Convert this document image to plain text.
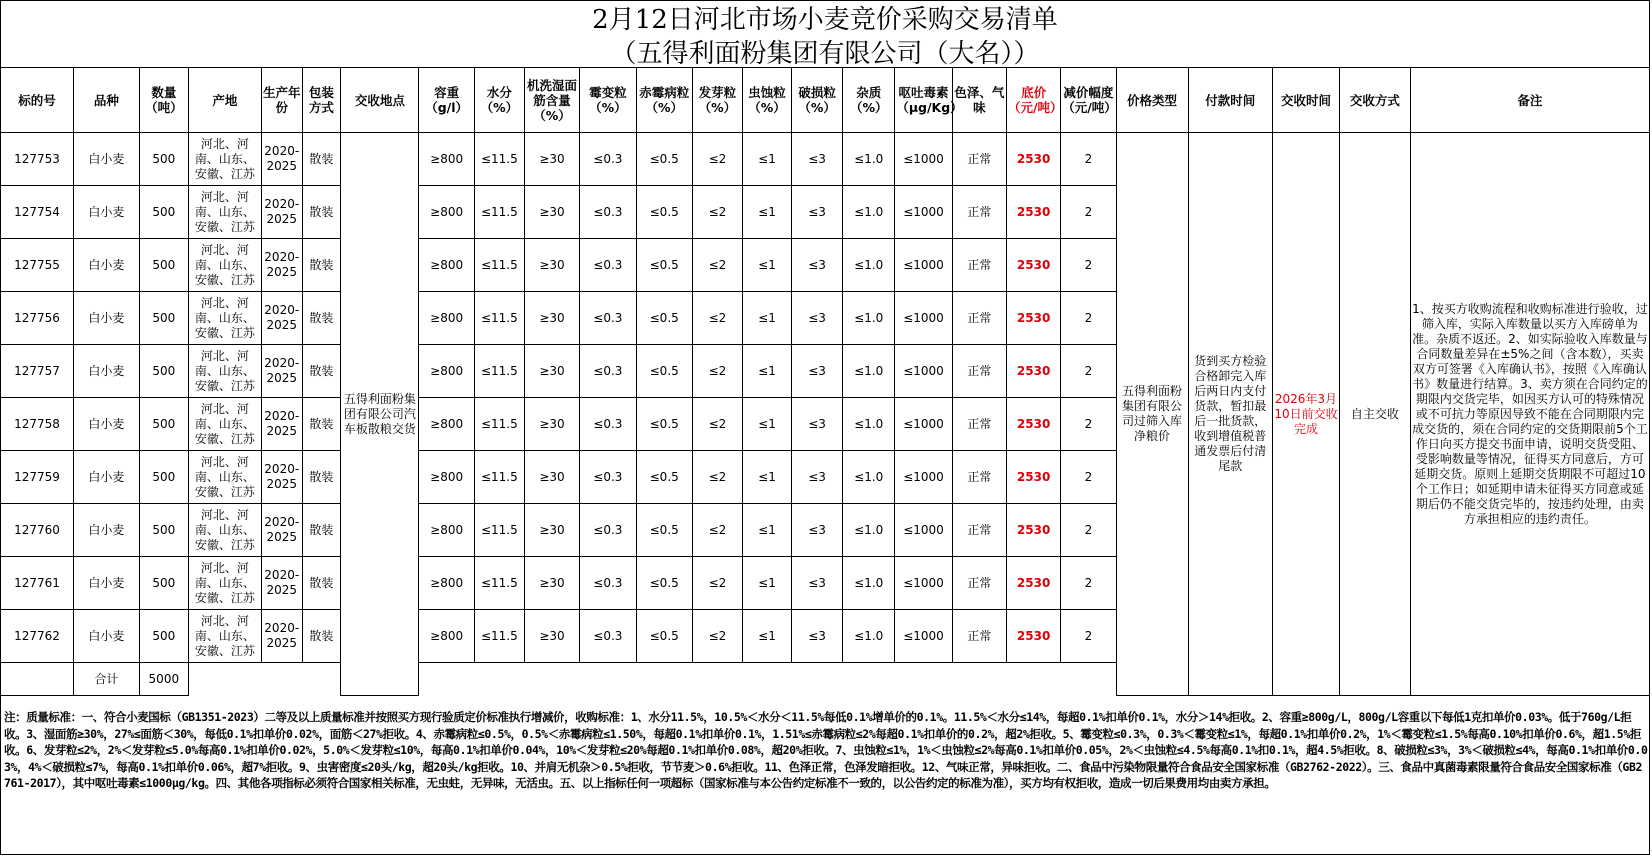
2月12日河北市场小麦竞价采购交易清单
（五得利面粉集团有限公司（大名））
标的号	品种	数量（吨）	产地	生产年份	包装方式	交收地点	容重（g/l）	水分（%）	机洗湿面筋含量（%）	霉变粒（%）	赤霉病粒（%）	发芽粒（%）	虫蚀粒（%）	破损粒（%）	杂质（%）	呕吐毒素（μg/Kg）	色泽、气味	底价（元/吨）	减价幅度（元/吨）	价格类型	付款时间	交收时间	交收方式	备注
127753	白小麦	500	河北、河南、山东、安徽、江苏	2020-2025	散装	五得利面粉集团有限公司汽车板散粮交货	≥800	≤11.5	≥30	≤0.3	≤0.5	≤2	≤1	≤3	≤1.0	≤1000	正常	2530	2	五得利面粉集团有限公司过筛入库净粮价	货到买方检验合格卸完入库后两日内支付货款，暂扣最后一批货款，收到增值税普通发票后付清尾款	2026年3月10日前交收完成	自主交收	1、按买方收购流程和收购标准进行验收，过筛入库，实际入库数量以买方入库磅单为准。杂质不返还。2、如实际验收入库数量与合同数量差异在±5%之间（含本数），买卖双方可签署《入库确认书》，按照《入库确认书》数量进行结算。3、卖方须在合同约定的期限内交货完毕，如因买方认可的特殊情况或不可抗力等原因导致不能在合同期限内完成交货的，须在合同约定的交货期限前5个工作日向买方提交书面申请，说明交货受阻、受影响数量等情况，征得买方同意后，方可延期交货。原则上延期交货期限不可超过10个工作日；如延期申请未征得买方同意或延期后仍不能交货完毕的，按违约处理，由卖方承担相应的违约责任。
127754	白小麦	500	河北、河南、山东、安徽、江苏	2020-2025	散装		≥800	≤11.5	≥30	≤0.3	≤0.5	≤2	≤1	≤3	≤1.0	≤1000	正常	2530	2					
127755	白小麦	500	河北、河南、山东、安徽、江苏	2020-2025	散装		≥800	≤11.5	≥30	≤0.3	≤0.5	≤2	≤1	≤3	≤1.0	≤1000	正常	2530	2					
127756	白小麦	500	河北、河南、山东、安徽、江苏	2020-2025	散装		≥800	≤11.5	≥30	≤0.3	≤0.5	≤2	≤1	≤3	≤1.0	≤1000	正常	2530	2					
127757	白小麦	500	河北、河南、山东、安徽、江苏	2020-2025	散装		≥800	≤11.5	≥30	≤0.3	≤0.5	≤2	≤1	≤3	≤1.0	≤1000	正常	2530	2					
127758	白小麦	500	河北、河南、山东、安徽、江苏	2020-2025	散装		≥800	≤11.5	≥30	≤0.3	≤0.5	≤2	≤1	≤3	≤1.0	≤1000	正常	2530	2					
127759	白小麦	500	河北、河南、山东、安徽、江苏	2020-2025	散装		≥800	≤11.5	≥30	≤0.3	≤0.5	≤2	≤1	≤3	≤1.0	≤1000	正常	2530	2					
127760	白小麦	500	河北、河南、山东、安徽、江苏	2020-2025	散装		≥800	≤11.5	≥30	≤0.3	≤0.5	≤2	≤1	≤3	≤1.0	≤1000	正常	2530	2					
127761	白小麦	500	河北、河南、山东、安徽、江苏	2020-2025	散装		≥800	≤11.5	≥30	≤0.3	≤0.5	≤2	≤1	≤3	≤1.0	≤1000	正常	2530	2					
127762	白小麦	500	河北、河南、山东、安徽、江苏	2020-2025	散装		≥800	≤11.5	≥30	≤0.3	≤0.5	≤2	≤1	≤3	≤1.0	≤1000	正常	2530	2					
	合计	5000																						
注：质量标准：一、符合小麦国标（GB1351-2023）二等及以上质量标准并按照买方现行验质定价标准执行增减价，收购标准：1、水分11.5%，10.5%＜水分＜11.5%每低0.1%增单价的0.1%。11.5%＜水分≤14%，每超0.1%扣单价0.1%，水分＞14%拒收。2、容重≥800g/L，800g/L容重以下每低1克扣单价0.03%。低于760g/L拒收。3、湿面筋≥30%，27%≤面筋＜30%，每低0.1%扣单价0.02%，面筋＜27%拒收。4、赤霉病粒≤0.5%，0.5%＜赤霉病粒≤1.50%，每超0.1%扣单价0.1%，1.51%≤赤霉病粒≤2%每超0.1%扣单价的0.2%，超2%拒收。5、霉变粒≤0.3%，0.3%＜霉变粒≤1%，每超0.1%扣单价0.2%，1%＜霉变粒≤1.5%每高0.10%扣单价0.6%，超1.5%拒收。6、发芽粒≤2%，2%＜发芽粒≤5.0%每高0.1%扣单价0.02%，5.0%＜发芽粒≤10%，每高0.1%扣单价0.04%，10%＜发芽粒≤20%每超0.1%扣单价0.08%，超20%拒收。7、虫蚀粒≤1%，1%＜虫蚀粒≤2%每高0.1%扣单价0.05%，2%＜虫蚀粒≤4.5%每高0.1%扣0.1%，超4.5%拒收。8、破损粒≤3%，3%＜破损粒≤4%，每高0.1%扣单价0.03%，4%＜破损粒≤7%，每高0.1%扣单价0.06%，超7%拒收。9、虫害密度≤20头/kg，超20头/kg拒收。10、并肩无机杂＞0.5%拒收，节节麦＞0.6%拒收。11、色泽正常，色泽发暗拒收。12、气味正常，异味拒收。二、食品中污染物限量符合食品安全国家标准（GB2762-2022）。三、食品中真菌毒素限量符合食品安全国家标准（GB2761-2017），其中呕吐毒素≤1000μg/kg。四、其他各项指标必须符合国家相关标准，无虫蛀，无异味，无活虫。五、以上指标任何一项超标（国家标准与本公告约定标准不一致的，以公告约定的标准为准），买方均有权拒收，造成一切后果费用均由卖方承担。
